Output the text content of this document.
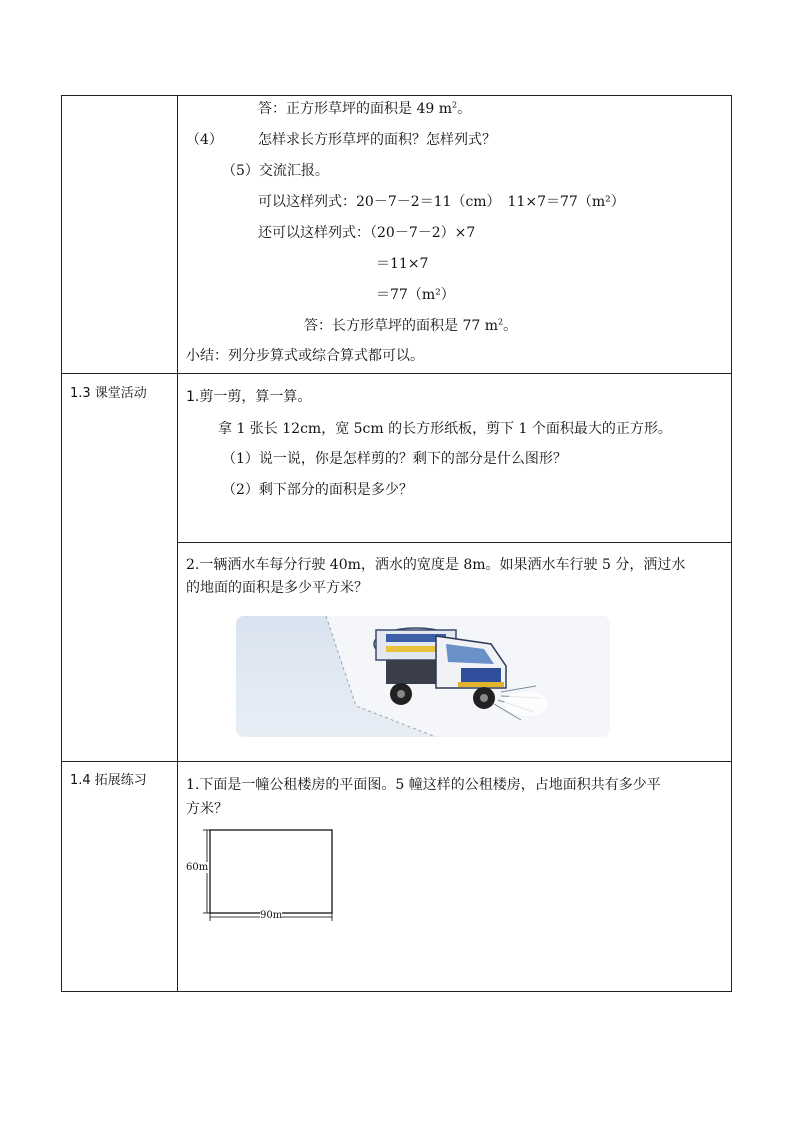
答：正方形草坪的面积是 49 $m^2$。
（4）	怎样求长方形草坪的面积？怎样列式？
（5）交流汇报。
可以这样列式：20－7－2＝11（cm）　11×7＝77（m²）
还可以这样列式：（20－7－2）×7
＝11×7
＝77（m²）
答：长方形草坪的面积是 77 $m^2$。
小结：列分步算式或综合算式都可以。
1.3 课堂活动	1.剪一剪，算一算。
拿 1 张长 12cm，宽 5cm 的长方形纸板，剪下 1 个面积最大的正方形。
（1）说一说，你是怎样剪的？剩下的部分是什么图形？
（2）剩下部分的面积是多少？
2.一辆洒水车每分行驶 40m，洒水的宽度是 8m。如果洒水车行驶 5 分，洒过水
的地面的面积是多少平方米？
1.4 拓展练习	1.下面是一幢公租楼房的平面图。5 幢这样的公租楼房，占地面积共有多少平
方米？
60m
90m
